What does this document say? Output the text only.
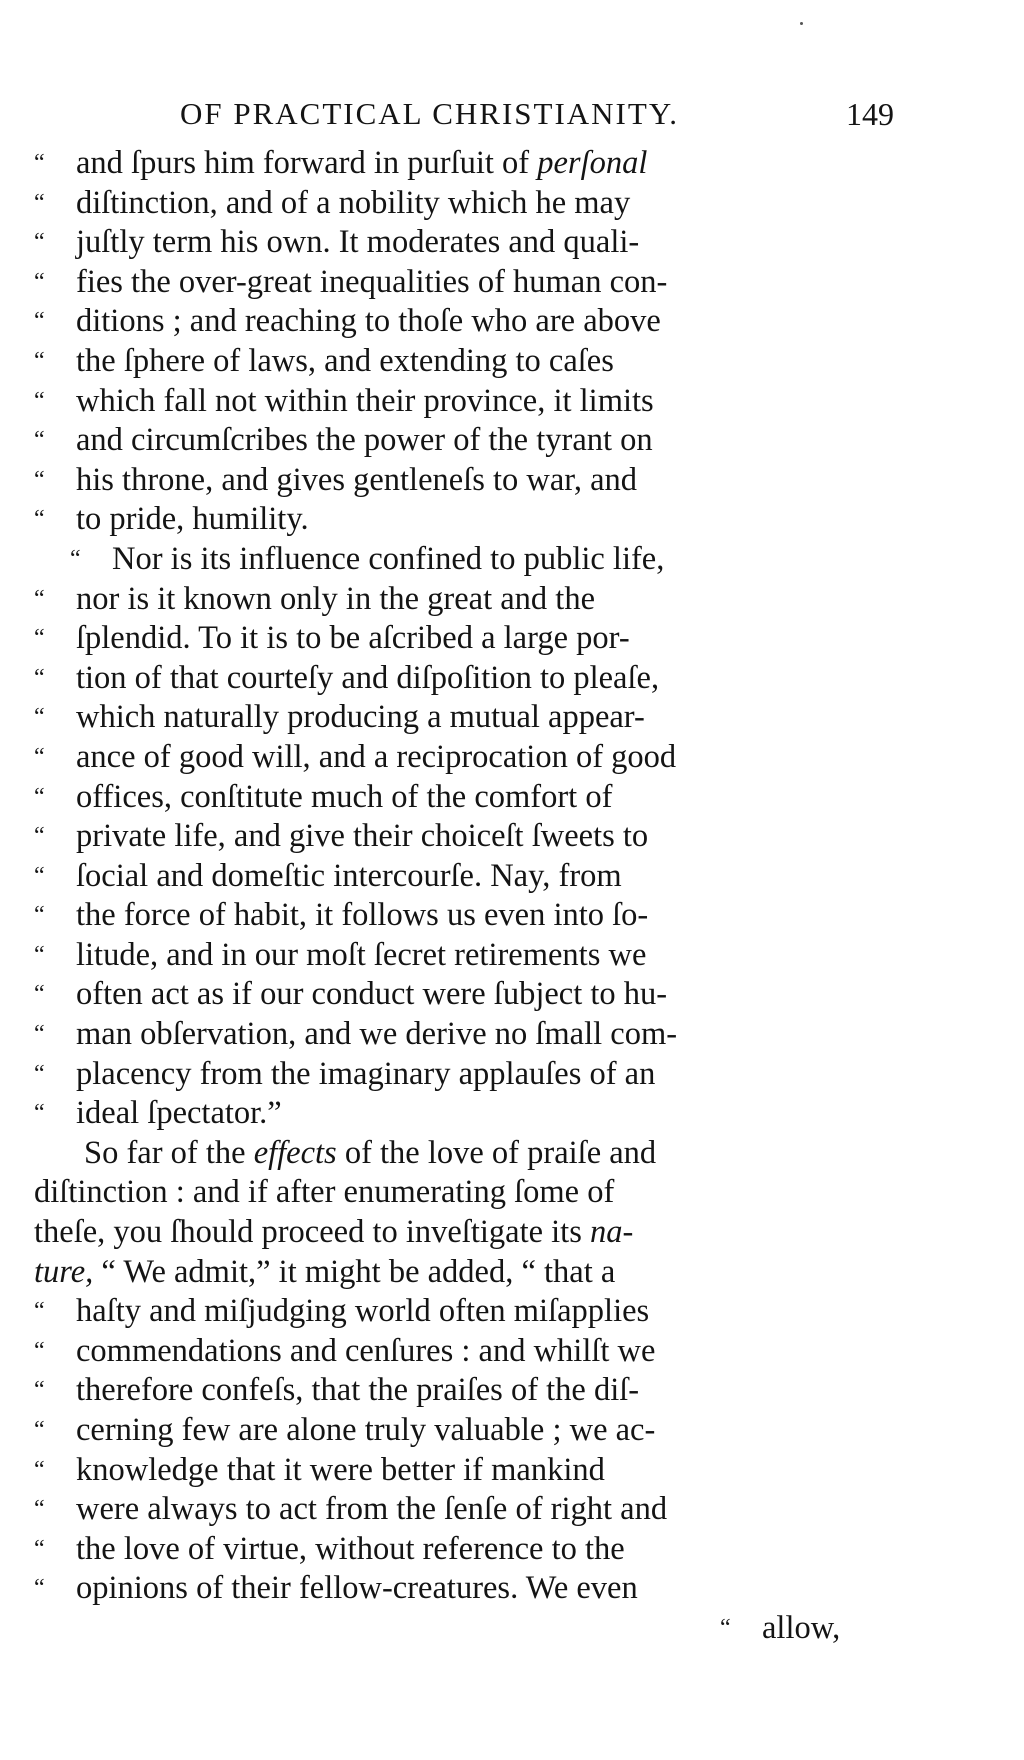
OF PRACTICAL CHRISTIANITY.	149
“ and ſpurs him forward in purſuit of perſonal
“ diſtinction, and of a nobility which he may
“ juſtly term his own. It moderates and quali-
“ fies the over-great inequalities of human con-
“ ditions ; and reaching to thoſe who are above
“ the ſphere of laws, and extending to caſes
“ which fall not within their province, it limits
“ and circumſcribes the power of the tyrant on
“ his throne, and gives gentleneſs to war, and
“ to pride, humility.
“ Nor is its influence confined to public life,
“ nor is it known only in the great and the
“ ſplendid. To it is to be aſcribed a large por-
“ tion of that courteſy and diſpoſition to pleaſe,
“ which naturally producing a mutual appear-
“ ance of good will, and a reciprocation of good
“ offices, conſtitute much of the comfort of
“ private life, and give their choiceſt ſweets to
“ ſocial and domeſtic intercourſe. Nay, from
“ the force of habit, it follows us even into ſo-
“ litude, and in our moſt ſecret retirements we
“ often act as if our conduct were ſubject to hu-
“ man obſervation, and we derive no ſmall com-
“ placency from the imaginary applauſes of an
“ ideal ſpectator.”
So far of the effects of the love of praiſe and
diſtinction : and if after enumerating ſome of
theſe, you ſhould proceed to inveſtigate its na-
ture, “ We admit,” it might be added, “ that a
“ haſty and miſjudging world often miſapplies
“ commendations and cenſures : and whilſt we
“ therefore confeſs, that the praiſes of the diſ-
“ cerning few are alone truly valuable ; we ac-
“ knowledge that it were better if mankind
“ were always to act from the ſenſe of right and
“ the love of virtue, without reference to the
“ opinions of their fellow-creatures. We even
“ allow,
